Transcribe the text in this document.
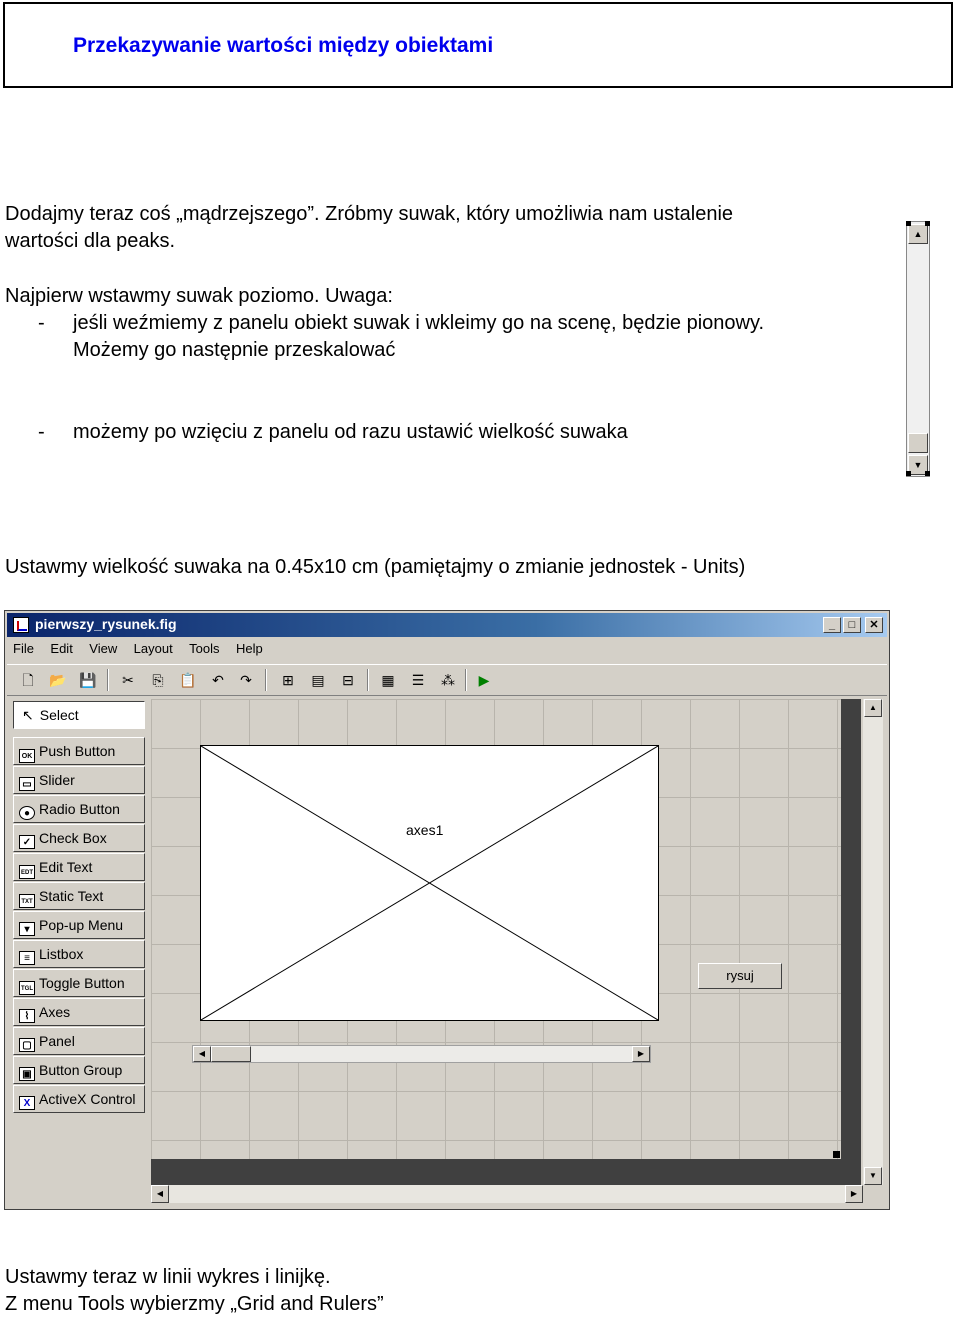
Przekazywanie wartości między obiektami
Dodajmy teraz coś „mądrzejszego”. Zróbmy suwak, który umożliwia nam ustalenie
wartości dla peaks.
Najpierw wstawmy suwak poziomo. Uwaga:
- jeśli weźmiemy z panelu obiekt suwak i wkleimy go na scenę, będzie pionowy.
Możemy go następnie przeskalować
- możemy po wzięciu z panelu od razu ustawić wielkość suwaka
Ustawmy wielkość suwaka na 0.45x10 cm (pamiętajmy o zmianie jednostek - Units)
Ustawmy teraz w linii wykres i linijkę.
Z menu Tools wybierzmy „Grid and Rulers”
▲
▼
pierwszy_rysunek.fig	_	□	✕
File Edit View Layout Tools Help
🗋	📂 💾	✂	⎘	📋	↶	↷	⊞	▤	⊟	▦	☰	⁂	▶
↖ Select
OK Push Button
▭ Slider
● Radio Button
✓ Check Box
EDT Edit Text
TXT Static Text
▾ Pop-up Menu
≡ Listbox
TGL Toggle Button
⌇ Axes
▢ Panel
▣ Button Group
X ActiveX Control
▲
▼
◀	▶
axes1
rysuj
◀	▶
